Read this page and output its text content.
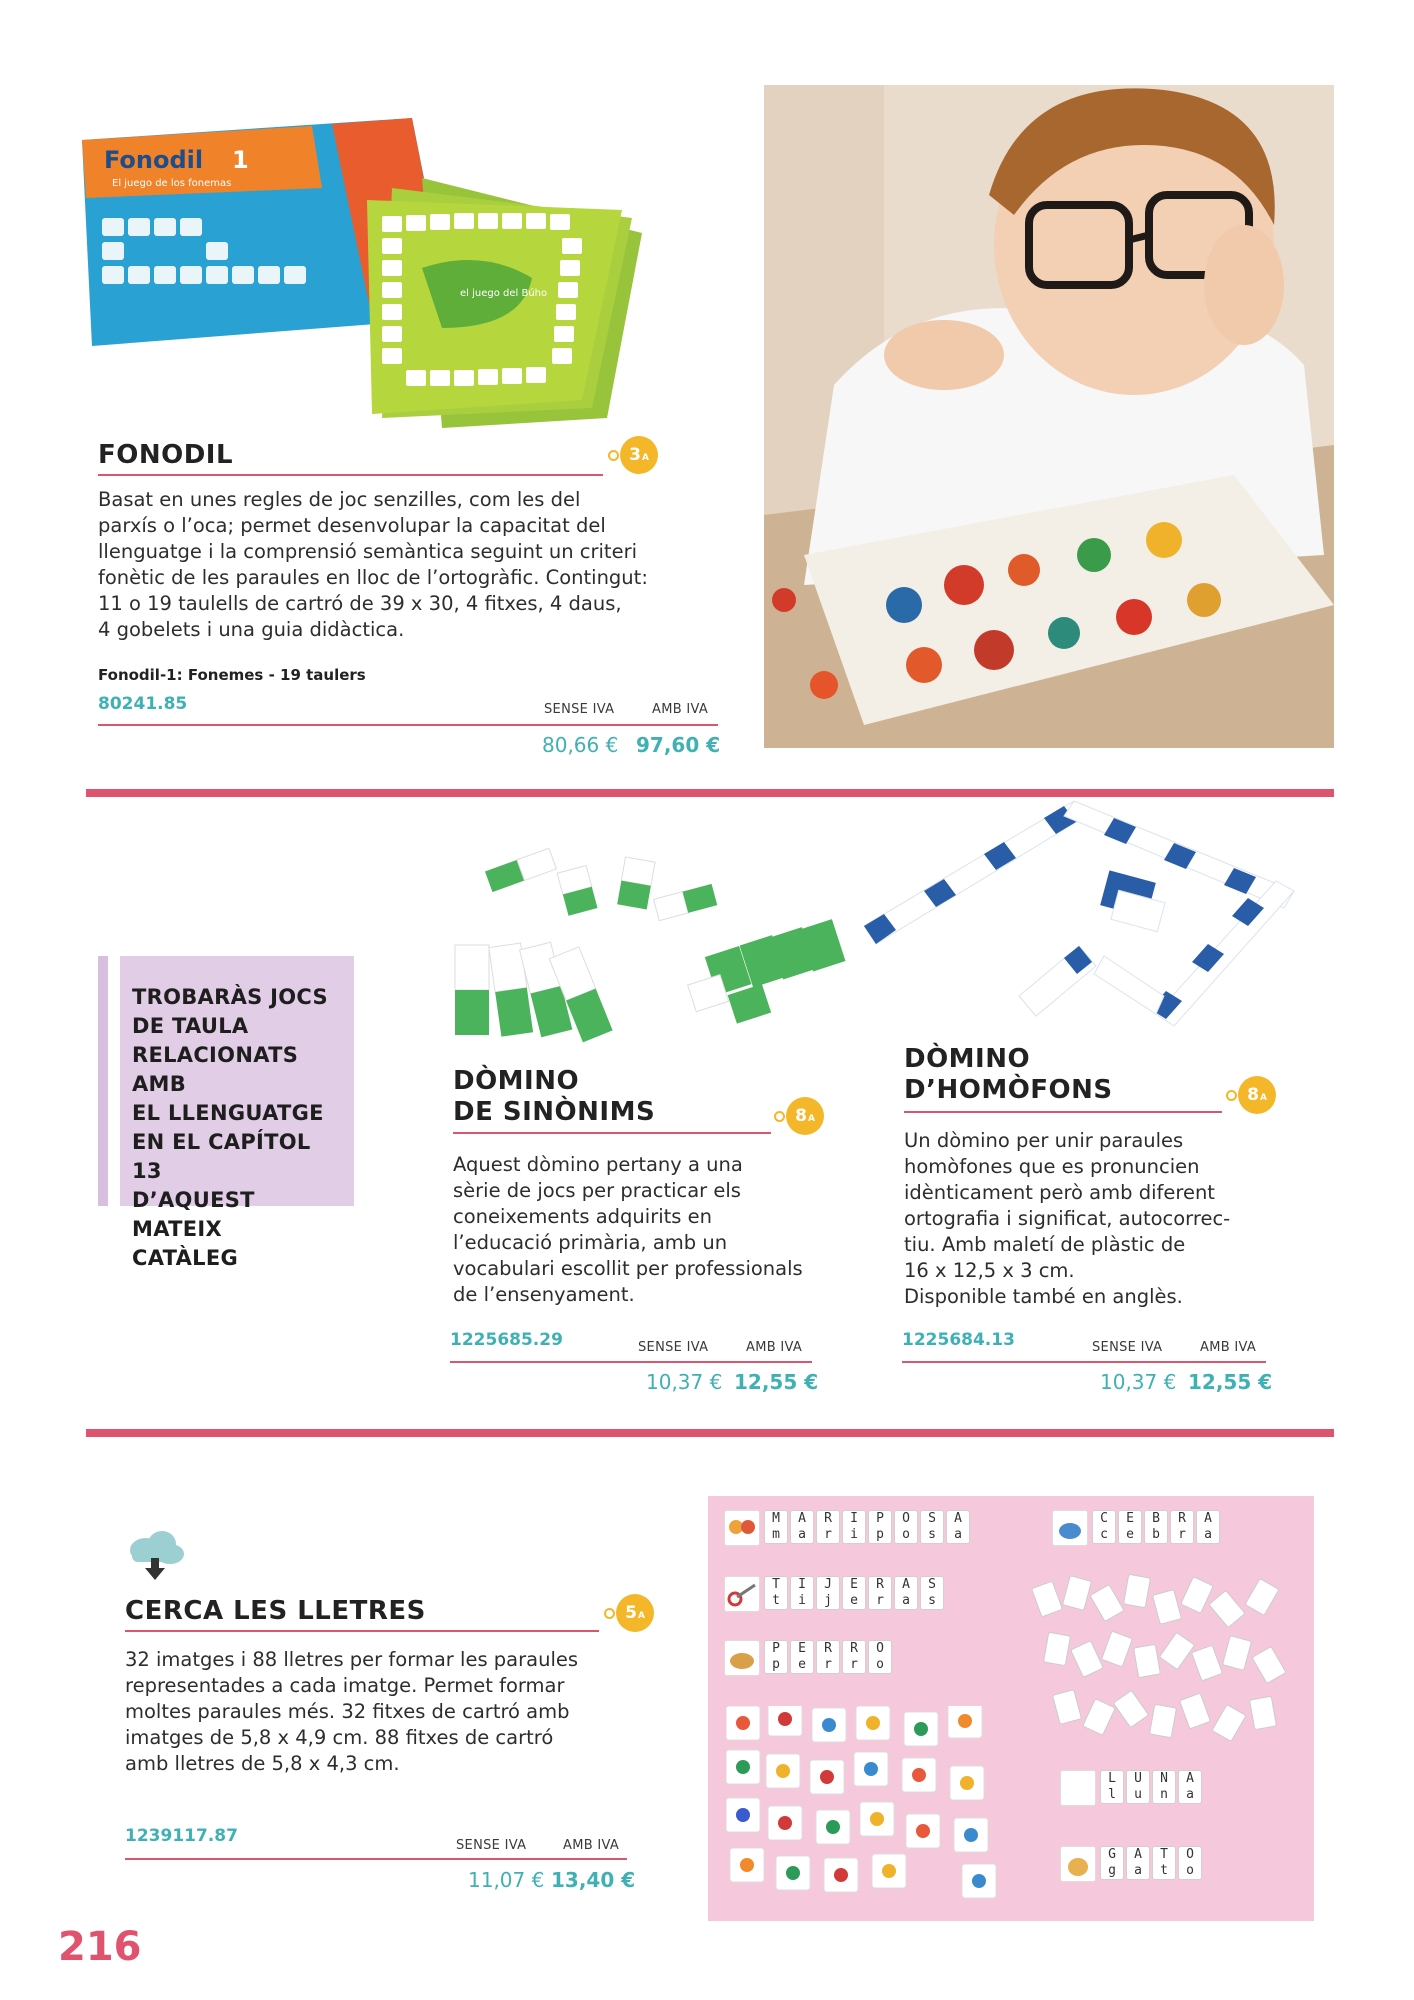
Fonodil 1
El juego de los fonemas
el juego del Búho
FONODIL	3 A
Basat en unes regles de joc senzilles, com les del
parxís o l’oca; permet desenvolupar la capacitat del
llenguatge i la comprensió semàntica seguint un criteri
fonètic de les paraules en lloc de l’ortogràfic. Contingut:
11 o 19 taulells de cartró de 39 x 30, 4 fitxes, 4 daus,
4 gobelets i una guia didàctica.
Fonodil-1: Fonemes - 19 taulers
80241.85	SENSE IVA	AMB IVA
80,66 € 97,60 €
TROBARÀS JOCS
DE TAULA
RELACIONATS AMB
EL LLENGUATGE
EN EL CAPÍTOL 13
D’AQUEST MATEIX
CATÀLEG
DÒMINO
DE SINÒNIMS	8 A
Aquest dòmino pertany a una
sèrie de jocs per practicar els
coneixements adquirits en
l’educació primària, amb un
vocabulari escollit per professionals
de l’ensenyament.
1225685.29	SENSE IVA	AMB IVA
10,37 € 12,55 €
DÒMINO
D’HOMÒFONS	8 A
Un dòmino per unir paraules
homòfones que es pronuncien
idènticament però amb diferent
ortografia i significat, autocorrec-
tiu. Amb maletí de plàstic de
16 x 12,5 x 3 cm.
Disponible també en anglès.
1225684.13	SENSE IVA	AMB IVA
10,37 € 12,55 €
CERCA LES LLETRES	5 A
32 imatges i 88 lletres per formar les paraules
representades a cada imatge. Permet formar
moltes paraules més. 32 fitxes de cartró amb
imatges de 5,8 x 4,9 cm. 88 fitxes de cartró
amb lletres de 5,8 x 4,3 cm.
1239117.87	SENSE IVA	AMB IVA
11,07 € 13,40 €
M
m
A
a
R
r
I
i
P
p
O
o
S
s
A
a
T
t
I
i
J
j
E
e
R
r
A
a
S
s
P
p
E
e
R
r
R
r
O
o
C
c
E
e
B
b
R
r
A
a
L
l
U
u
N
n
A
a
G
g
A
a
T
t
O
o
216
